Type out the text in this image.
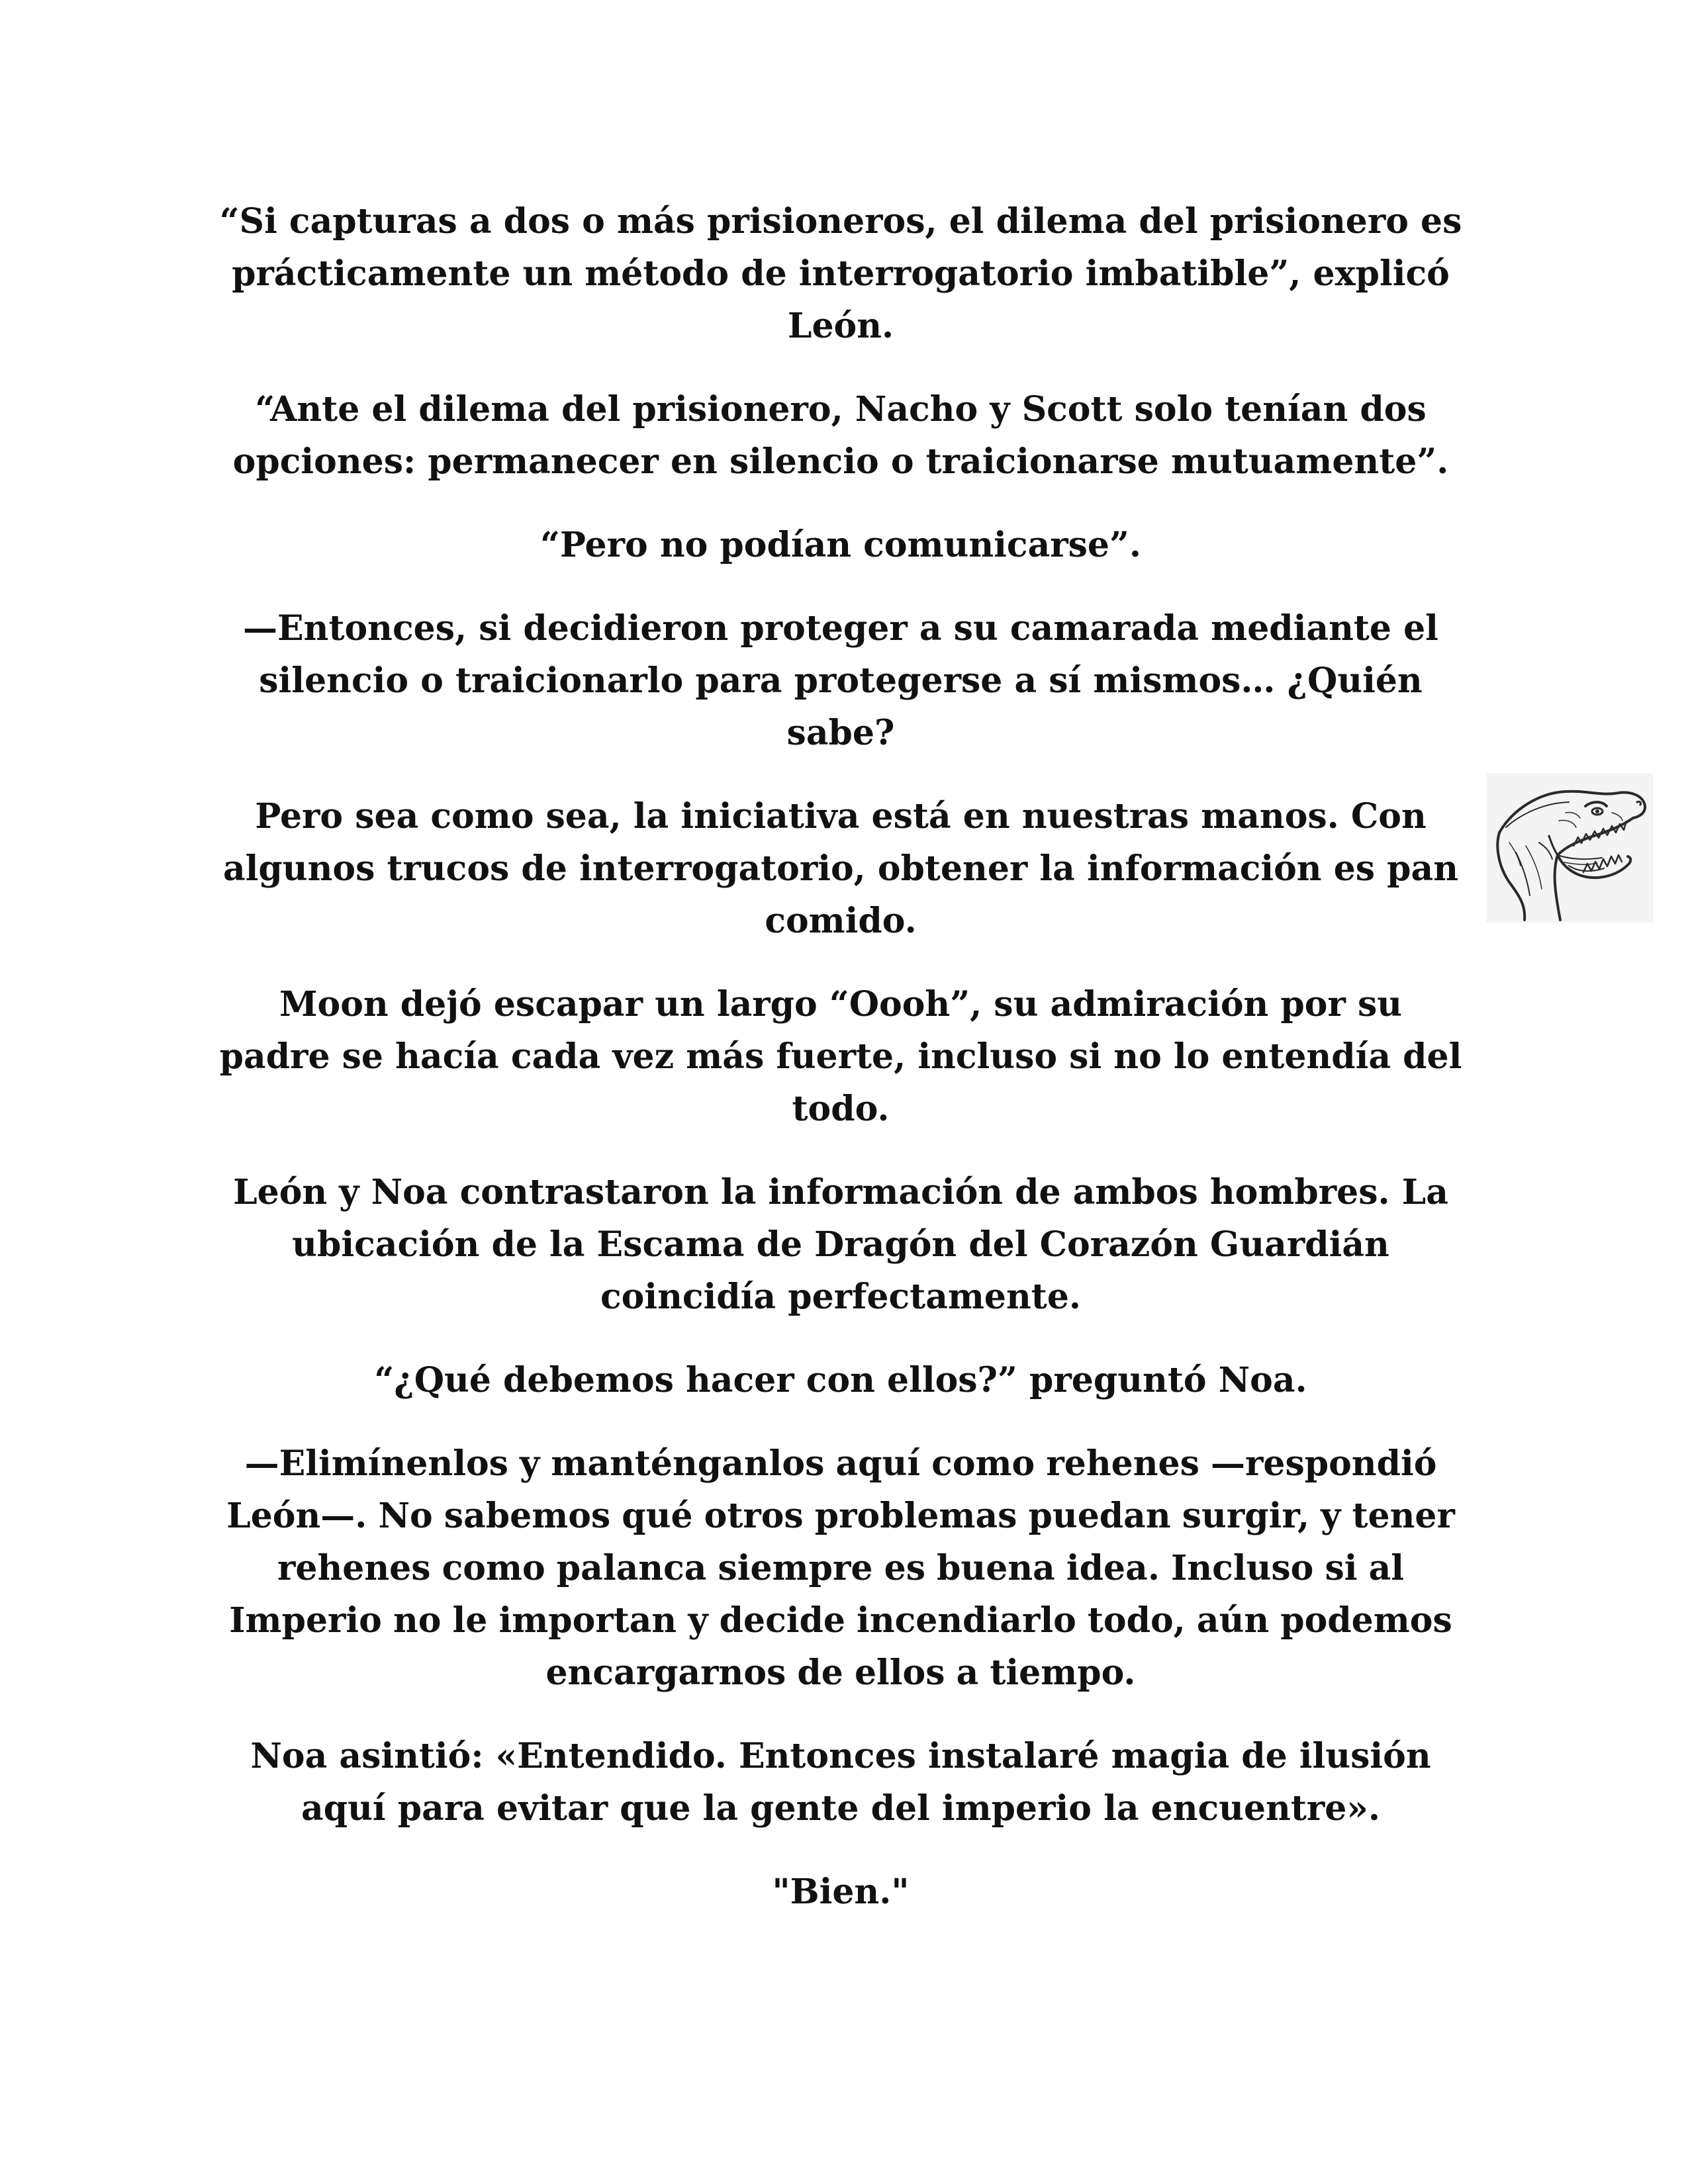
“Si capturas a dos o más prisioneros, el dilema del prisionero es prácticamente un método de interrogatorio imbatible”, explicó León.

“Ante el dilema del prisionero, Nacho y Scott solo tenían dos opciones: permanecer en silencio o traicionarse mutuamente”.

“Pero no podían comunicarse”.

—Entonces, si decidieron proteger a su camarada mediante el silencio o traicionarlo para protegerse a sí mismos… ¿Quién sabe?

Pero sea como sea, la iniciativa está en nuestras manos. Con algunos trucos de interrogatorio, obtener la información es pan comido.

Moon dejó escapar un largo “Oooh”, su admiración por su padre se hacía cada vez más fuerte, incluso si no lo entendía del todo.

León y Noa contrastaron la información de ambos hombres. La ubicación de la Escama de Dragón del Corazón Guardián coincidía perfectamente.

“¿Qué debemos hacer con ellos?” preguntó Noa.

—Elimínenlos y manténganlos aquí como rehenes —respondió León—. No sabemos qué otros problemas puedan surgir, y tener rehenes como palanca siempre es buena idea. Incluso si al Imperio no le importan y decide incendiarlo todo, aún podemos encargarnos de ellos a tiempo.

Noa asintió: «Entendido. Entonces instalaré magia de ilusión aquí para evitar que la gente del imperio la encuentre».

"Bien."
